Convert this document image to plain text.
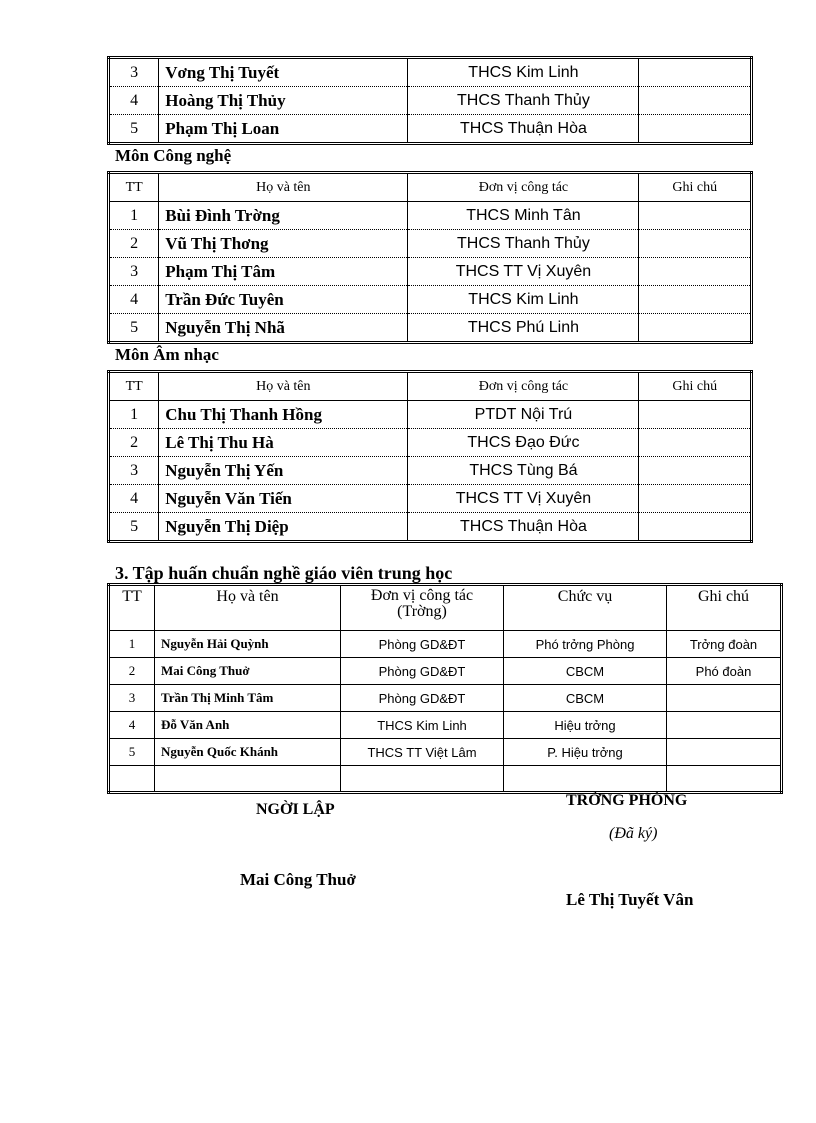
3	Vơng Thị Tuyết	THCS Kim Linh	
4	Hoàng Thị Thủy	THCS Thanh Thủy	
5	Phạm Thị Loan	THCS Thuận Hòa	
Môn Công nghệ
TT	Họ và tên	Đơn vị công tác	Ghi chú
1	Bùi Đình Trờng	THCS Minh Tân	
2	Vũ Thị Thơng	THCS Thanh Thủy	
3	Phạm Thị Tâm	THCS TT Vị Xuyên	
4	Trần Đức Tuyên	THCS Kim Linh	
5	Nguyễn Thị Nhã	THCS Phú Linh	
Môn Âm nhạc
TT	Họ và tên	Đơn vị công tác	Ghi chú
1	Chu Thị Thanh Hồng	PTDT Nội Trú	
2	Lê Thị Thu Hà	THCS Đạo Đức	
3	Nguyễn Thị Yến	THCS Tùng Bá	
4	Nguyễn Văn Tiến	THCS TT Vị Xuyên	
5	Nguyễn Thị Diệp	THCS Thuận Hòa	
3. Tập huấn chuẩn nghề giáo viên trung học
TT	Họ và tên	Đơn vị công tác (Trờng)	Chức vụ	Ghi chú
1	Nguyễn Hải Quỳnh	Phòng GD&ĐT	Phó trởng Phòng	Trởng đoàn
2	Mai Công Thuở	Phòng GD&ĐT	CBCM	Phó đoàn
3	Trần Thị Minh Tâm	Phòng GD&ĐT	CBCM	
4	Đỗ Văn Anh	THCS Kim Linh	Hiệu trởng	
5	Nguyễn Quốc Khánh	THCS TT Việt Lâm	P. Hiệu trởng	

NGỜI LẬP
Mai Công Thuở
TRỞNG PHÒNG
(Đã ký)
Lê Thị Tuyết Vân
